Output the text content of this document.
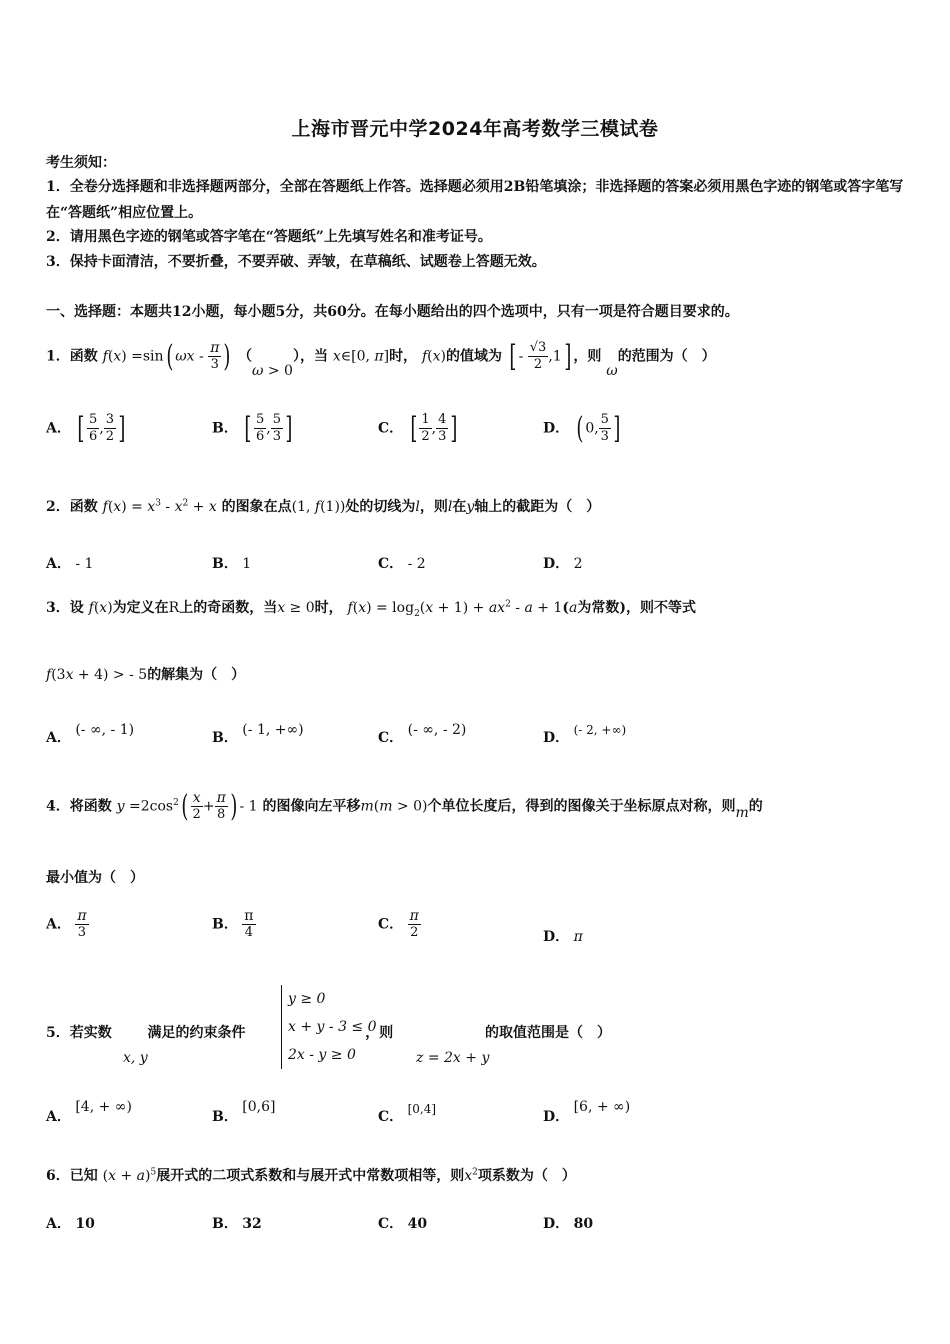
上海市晋元中学2024年高考数学三模试卷
考生须知：
1．全卷分选择题和非选择题两部分，全部在答题纸上作答。选择题必须用2B铅笔填涂；非选择题的答案必须用黑色字迹的钢笔或答字笔写在“答题纸”相应位置上。
2．请用黑色字迹的钢笔或答字笔在“答题纸”上先填写姓名和准考证号。
3．保持卡面清洁，不要折叠，不要弄破、弄皱，在草稿纸、试题卷上答题无效。
一、选择题：本题共12小题，每小题5分，共60分。在每小题给出的四个选项中，只有一项是符合题目要求的。
1．函数 f(x) =sin( ωx - $\frac{\pi}{3}$ ) （ω > 0），当 x∈[0, π]时， f(x)的值域为 [ - $\frac{√3}{2} ,1$] ，则 ω的范围为（　）
A． [ $\frac{5}{6}$ , $\frac{3}{2}$ ]	B． [ $\frac{5}{6}$ , $\frac{5}{3}$ ]	C． [ $\frac{1}{2}$ , $\frac{4}{3}$ ]	D． ( 0, $\frac{5}{3}$ ]
2．函数 $f(x) = x^3 - x^2 + x$ 的图象在点(1, f(1))处的切线为l，则l在y轴上的截距为（　）
A． - 1	B． 1	C． - 2	D． 2
3．设 f(x)为定义在R上的奇函数，当x ≥ 0时， $f(x) = \log_2(x + 1) + ax^2 - a + 1(a$为常数)，则不等式
f(3x + 4) > - 5的解集为（　）
A． (- ∞, - 1)	B． (- 1, +∞)	C． (- ∞, - 2)	D． (- 2, +∞)
4．将函数 $y =2\cos^2( \frac{x}{2} + \frac{\pi}{8}$ ) - 1 的图像向左平移m(m > 0)个单位长度后，得到的图像关于坐标原点对称，则m的
最小值为（　）
A． $\frac{\pi}{3}$	B． $\frac{\pi}{4}$	C． $\frac{\pi}{2}$	D． π
5．若实数	满足的约束条件	，则	的取值范围是（　）
x, y	z = 2x + y
y ≥ 0
x + y - 3 ≤ 0
2x - y ≥ 0
A． [4, + ∞)
B． [0,6]
C． [0,4]	D． [6, + ∞)
6．已知 $(x + a)^5$展开式的二项式系数和与展开式中常数项相等，则$x^2$项系数为（　）
A． 10	B． 32	C． 40	D． 80
